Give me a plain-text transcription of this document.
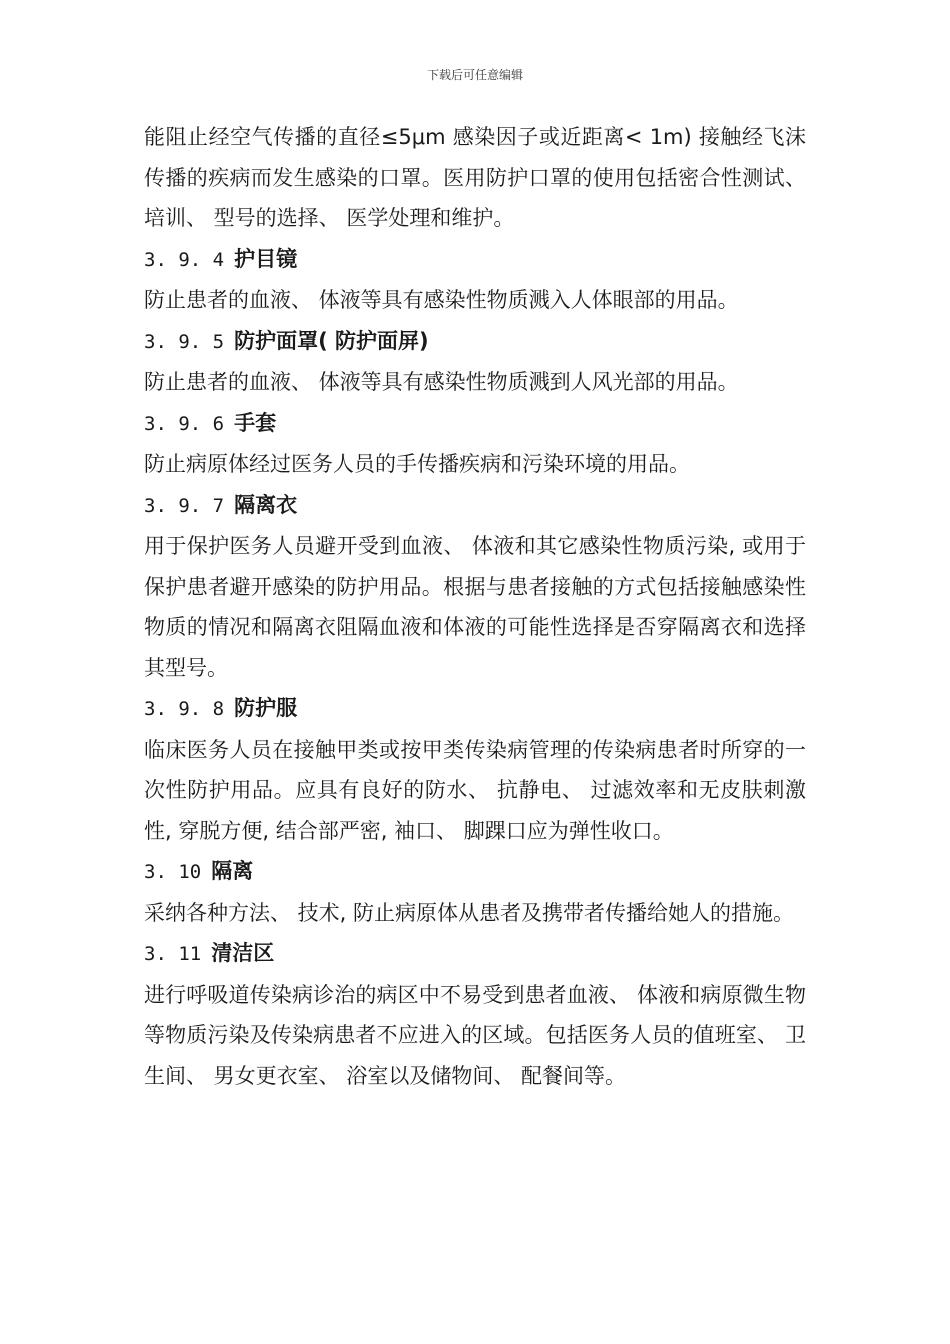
下载后可任意编辑

能阻止经空气传播的直径≤5μm 感染因子或近距离< 1m) 接触经飞沫传播的疾病而发生感染的口罩。医用防护口罩的使用包括密合性测试、 培训、 型号的选择、 医学处理和维护。

3. 9. 4 护目镜

防止患者的血液、 体液等具有感染性物质溅入人体眼部的用品。

3. 9. 5 防护面罩( 防护面屏)

防止患者的血液、 体液等具有感染性物质溅到人风光部的用品。

3. 9. 6 手套

防止病原体经过医务人员的手传播疾病和污染环境的用品。

3. 9. 7 隔离衣

用于保护医务人员避开受到血液、 体液和其它感染性物质污染, 或用于保护患者避开感染的防护用品。根据与患者接触的方式包括接触感染性物质的情况和隔离衣阻隔血液和体液的可能性选择是否穿隔离衣和选择其型号。

3. 9. 8 防护服

临床医务人员在接触甲类或按甲类传染病管理的传染病患者时所穿的一次性防护用品。应具有良好的防水、 抗静电、 过滤效率和无皮肤刺激性, 穿脱方便, 结合部严密, 袖口、 脚踝口应为弹性收口。

3. 10 隔离

采纳各种方法、 技术, 防止病原体从患者及携带者传播给她人的措施。

3. 11 清洁区

进行呼吸道传染病诊治的病区中不易受到患者血液、 体液和病原微生物等物质污染及传染病患者不应进入的区域。包括医务人员的值班室、 卫生间、 男女更衣室、 浴室以及储物间、 配餐间等。
